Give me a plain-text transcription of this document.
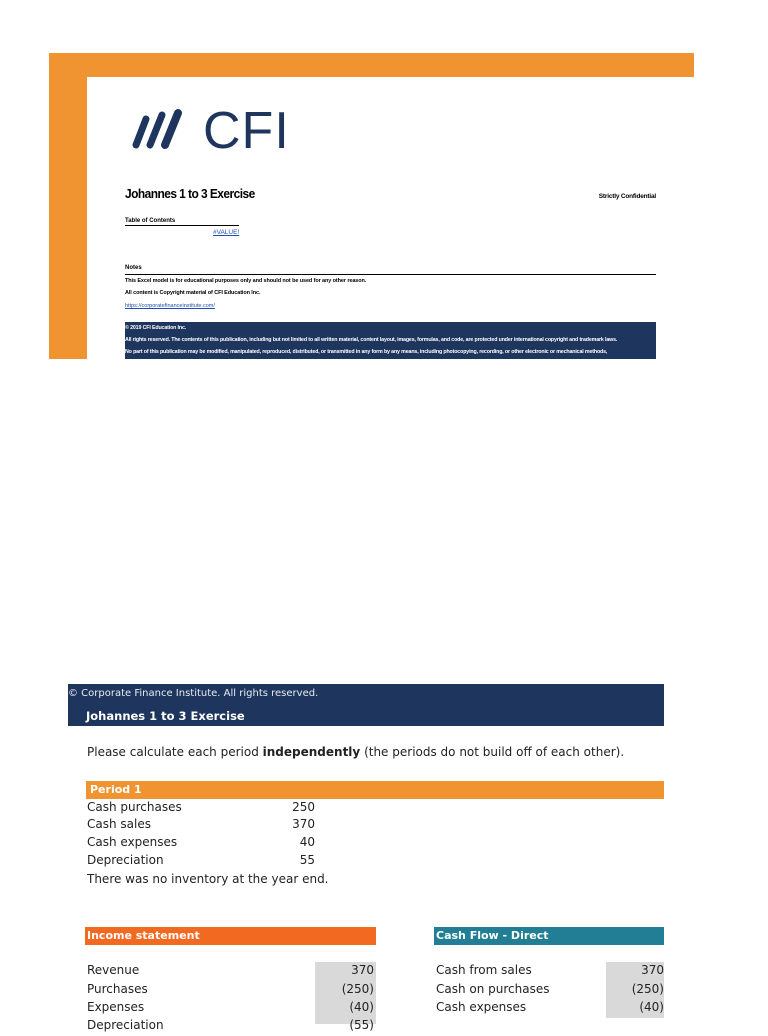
CFI
Johannes 1 to 3 Exercise	Strictly Confidential
Table of Contents
#VALUE!
Notes
This Excel model is for educational purposes only and should not be used for any other reason.
All content is Copyright material of CFI Education Inc.
https://corporatefinanceinstitute.com/
© 2019 CFI Education Inc.
All rights reserved. The contents of this publication, including but not limited to all written material, content layout, images, formulas, and code, are protected under international copyright and trademark laws.
No part of this publication may be modified, manipulated, reproduced, distributed, or transmitted in any form by any means, including photocopying, recording, or other electronic or mechanical methods,
© Corporate Finance Institute. All rights reserved.
Johannes 1 to 3 Exercise
Please calculate each period independently (the periods do not build off of each other).
Period 1
Cash purchases	250
Cash sales	370
Cash expenses	40
Depreciation	55
There was no inventory at the year end.
Income statement
Revenue	370
Purchases	(250)
Expenses	(40)
Depreciation	(55)
Cash Flow - Direct
Cash from sales	370
Cash on purchases	(250)
Cash expenses	(40)
